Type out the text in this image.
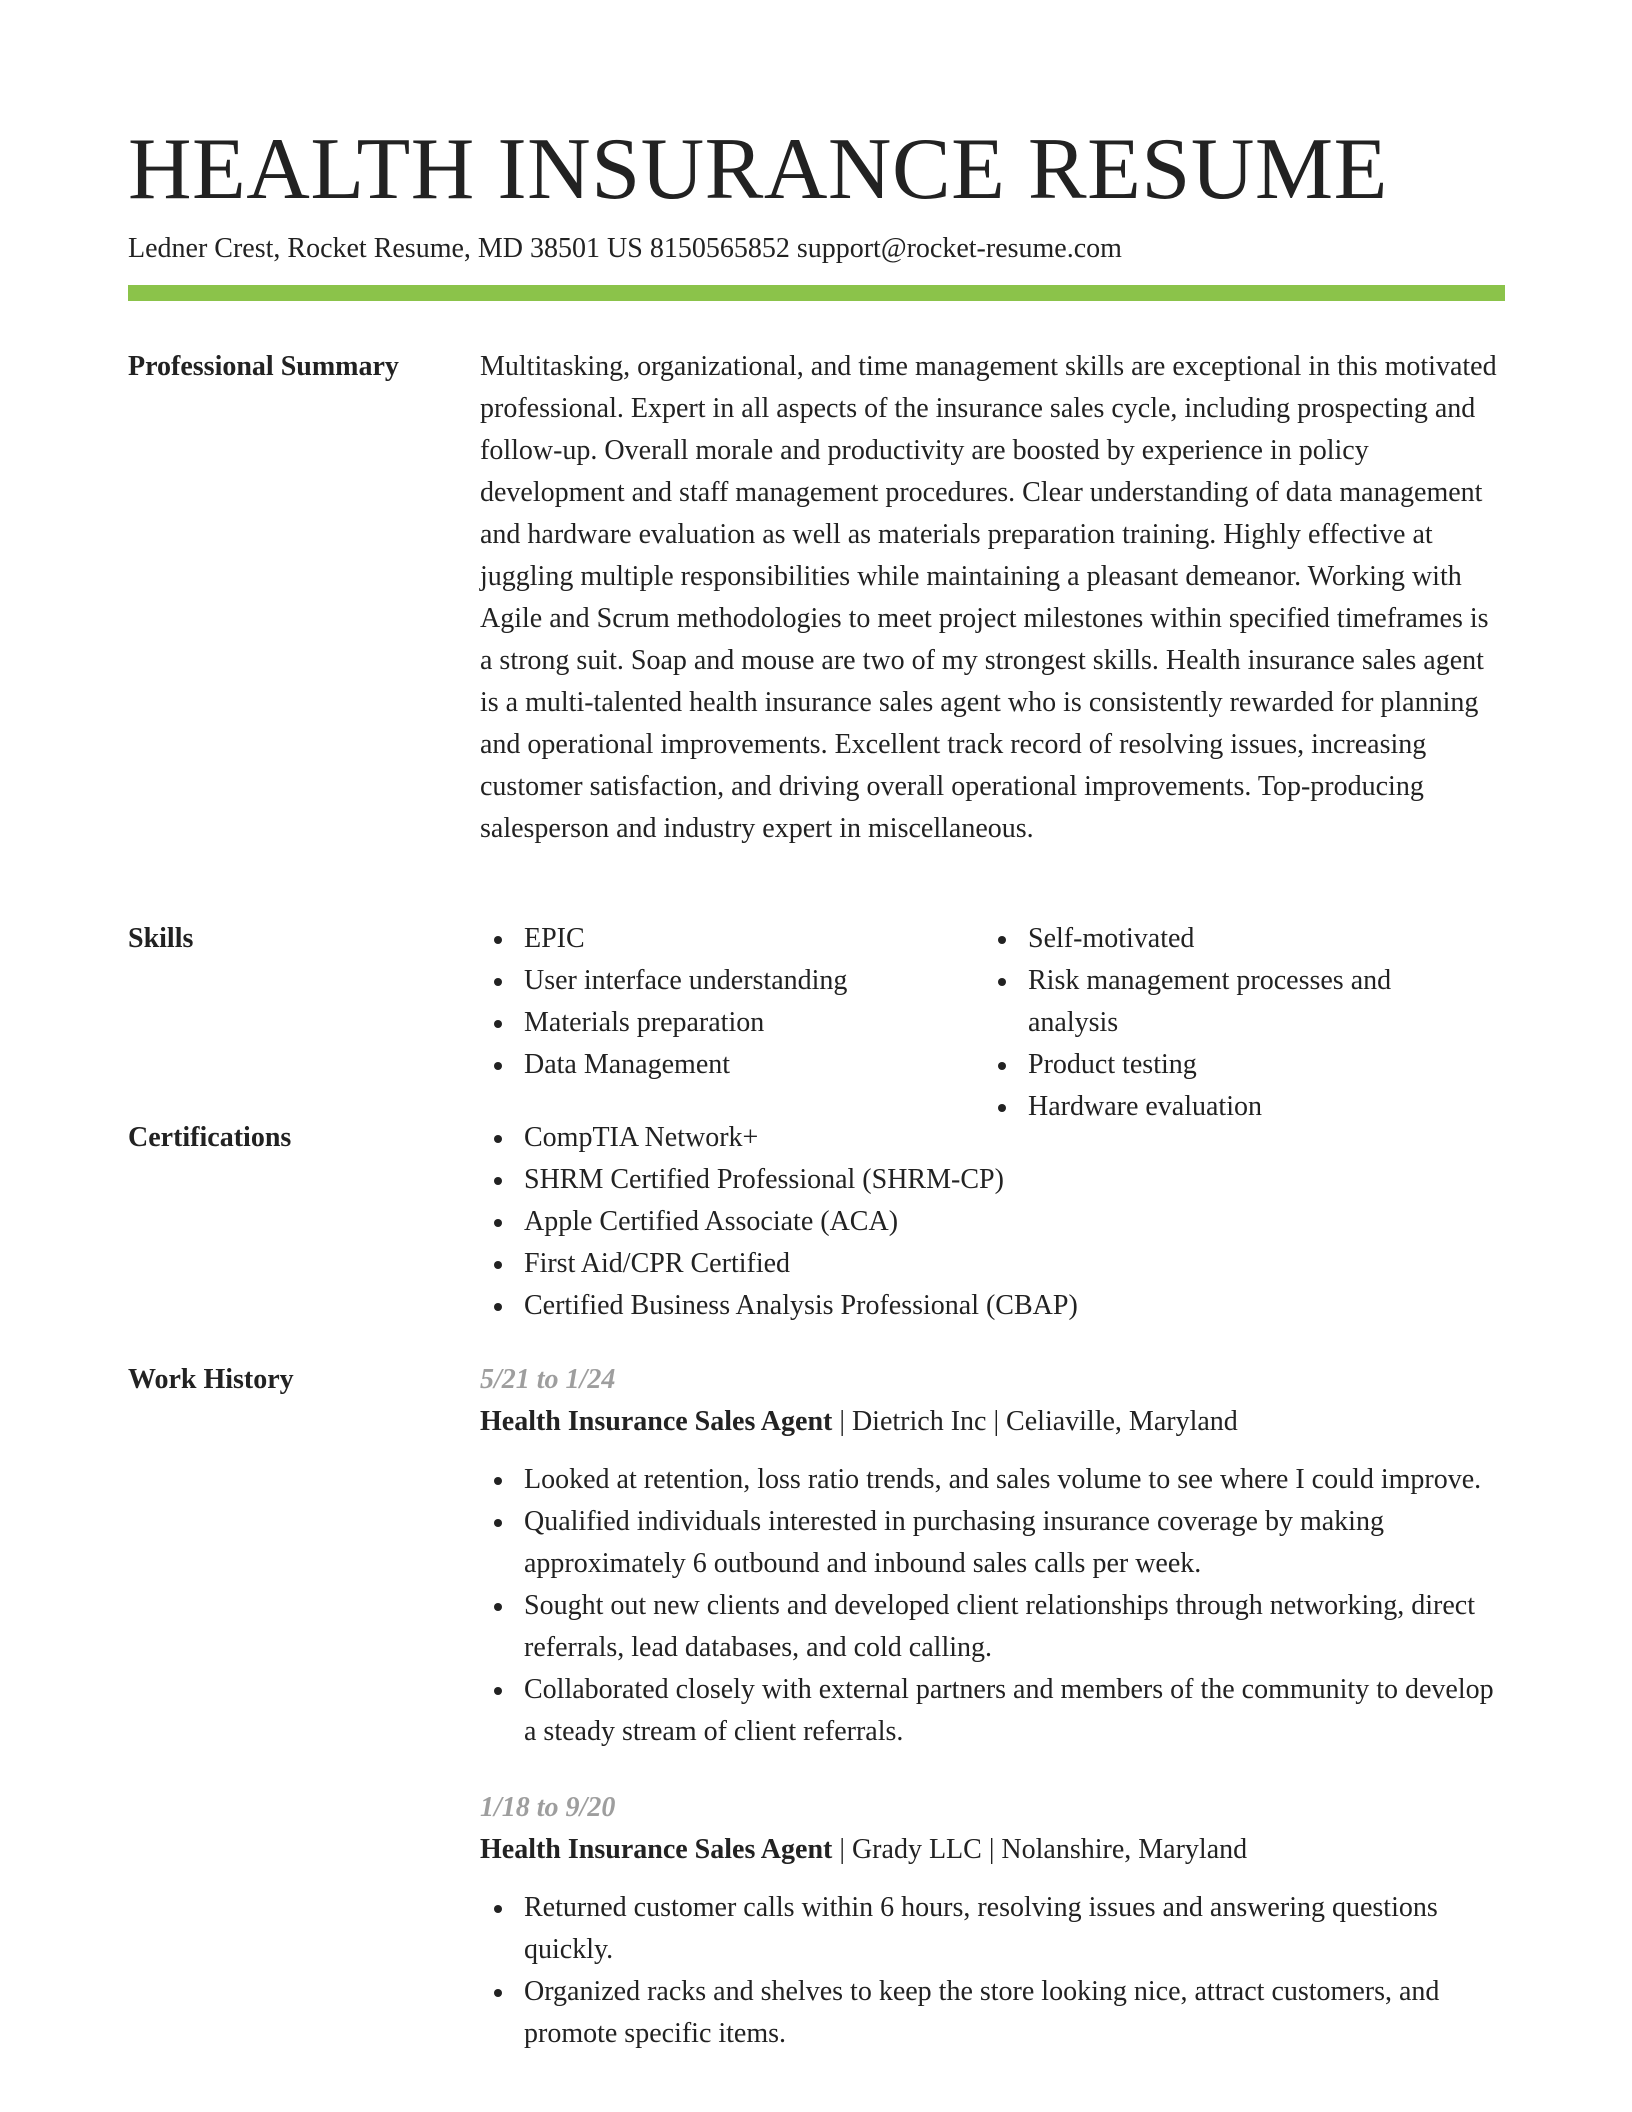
HEALTH INSURANCE RESUME
Ledner Crest, Rocket Resume, MD 38501 US 8150565852 support@rocket-resume.com
Professional Summary	Multitasking, organizational, and time management skills are exceptional in this motivated professional. Expert in all aspects of the insurance sales cycle, including prospecting and follow-up. Overall morale and productivity are boosted by experience in policy development and staff management procedures. Clear understanding of data management and hardware evaluation as well as materials preparation training. Highly effective at juggling multiple responsibilities while maintaining a pleasant demeanor. Working with Agile and Scrum methodologies to meet project milestones within specified timeframes is a strong suit. Soap and mouse are two of my strongest skills. Health insurance sales agent is a multi-talented health insurance sales agent who is consistently rewarded for planning and operational improvements. Excellent track record of resolving issues, increasing customer satisfaction, and driving overall operational improvements. Top-producing salesperson and industry expert in miscellaneous.

Skills	EPIC
User interface understanding
Materials preparation
Data Management
Self-motivated
Risk management processes and analysis
Product testing
Hardware evaluation
Certifications	CompTIA Network+
SHRM Certified Professional (SHRM-CP)
Apple Certified Associate (ACA)
First Aid/CPR Certified
Certified Business Analysis Professional (CBAP)
Work History	5/21 to 1/24
Health Insurance Sales Agent | Dietrich Inc | Celiaville, Maryland
Looked at retention, loss ratio trends, and sales volume to see where I could improve.
Qualified individuals interested in purchasing insurance coverage by making approximately 6 outbound and inbound sales calls per week.
Sought out new clients and developed client relationships through networking, direct referrals, lead databases, and cold calling.
Collaborated closely with external partners and members of the community to develop a steady stream of client referrals.
1/18 to 9/20
Health Insurance Sales Agent | Grady LLC | Nolanshire, Maryland
Returned customer calls within 6 hours, resolving issues and answering questions quickly.
Organized racks and shelves to keep the store looking nice, attract customers, and promote specific items.
